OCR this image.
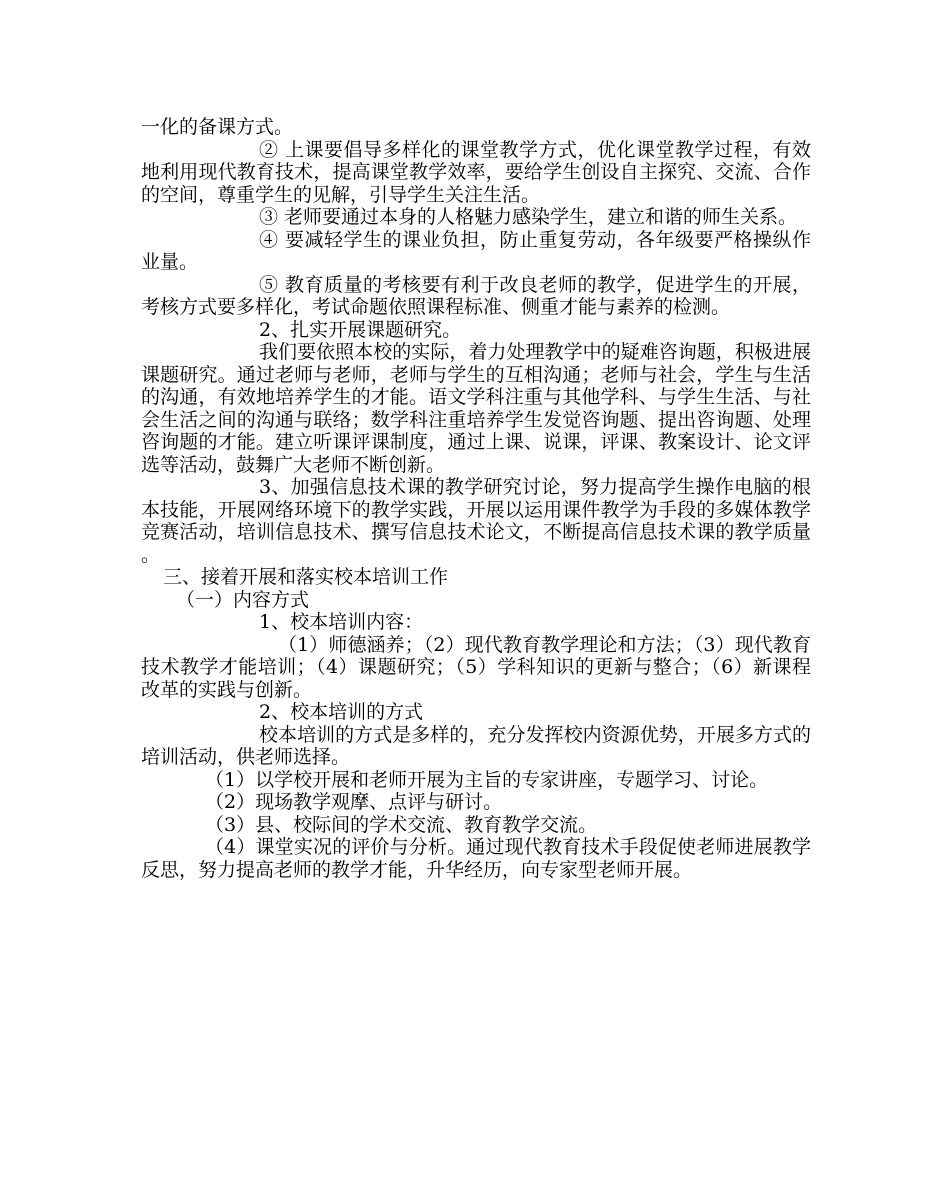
一化的备课方式。

② 上课要倡导多样化的课堂教学方式，优化课堂教学过程，有效地利用现代教育技术，提高课堂教学效率，要给学生创设自主探究、交流、合作的空间，尊重学生的见解，引导学生关注生活。

③ 老师要通过本身的人格魅力感染学生，建立和谐的师生关系。

④ 要减轻学生的课业负担，防止重复劳动，各年级要严格操纵作业量。

⑤ 教育质量的考核要有利于改良老师的教学，促进学生的开展，考核方式要多样化，考试命题依照课程标准、侧重才能与素养的检测。

2、扎实开展课题研究。

我们要依照本校的实际，着力处理教学中的疑难咨询题，积极进展课题研究。通过老师与老师，老师与学生的互相沟通；老师与社会，学生与生活的沟通，有效地培养学生的才能。语文学科注重与其他学科、与学生生活、与社会生活之间的沟通与联络；数学科注重培养学生发觉咨询题、提出咨询题、处理咨询题的才能。建立听课评课制度，通过上课、说课，评课、教案设计、论文评选等活动，鼓舞广大老师不断创新。

3、加强信息技术课的教学研究讨论，努力提高学生操作电脑的根本技能，开展网络环境下的教学实践，开展以运用课件教学为手段的多媒体教学竞赛活动，培训信息技术、撰写信息技术论文，不断提高信息技术课的教学质量。

三、接着开展和落实校本培训工作

（一）内容方式

1、校本培训内容：

（1）师德涵养；（2）现代教育教学理论和方法；（3）现代教育技术教学才能培训；（4）课题研究；（5）学科知识的更新与整合；（6）新课程改革的实践与创新。

2、校本培训的方式

校本培训的方式是多样的，充分发挥校内资源优势，开展多方式的培训活动，供老师选择。

（1）以学校开展和老师开展为主旨的专家讲座，专题学习、讨论。

（2）现场教学观摩、点评与研讨。

（3）县、校际间的学术交流、教育教学交流。

（4）课堂实况的评价与分析。通过现代教育技术手段促使老师进展教学反思，努力提高老师的教学才能，升华经历，向专家型老师开展。
